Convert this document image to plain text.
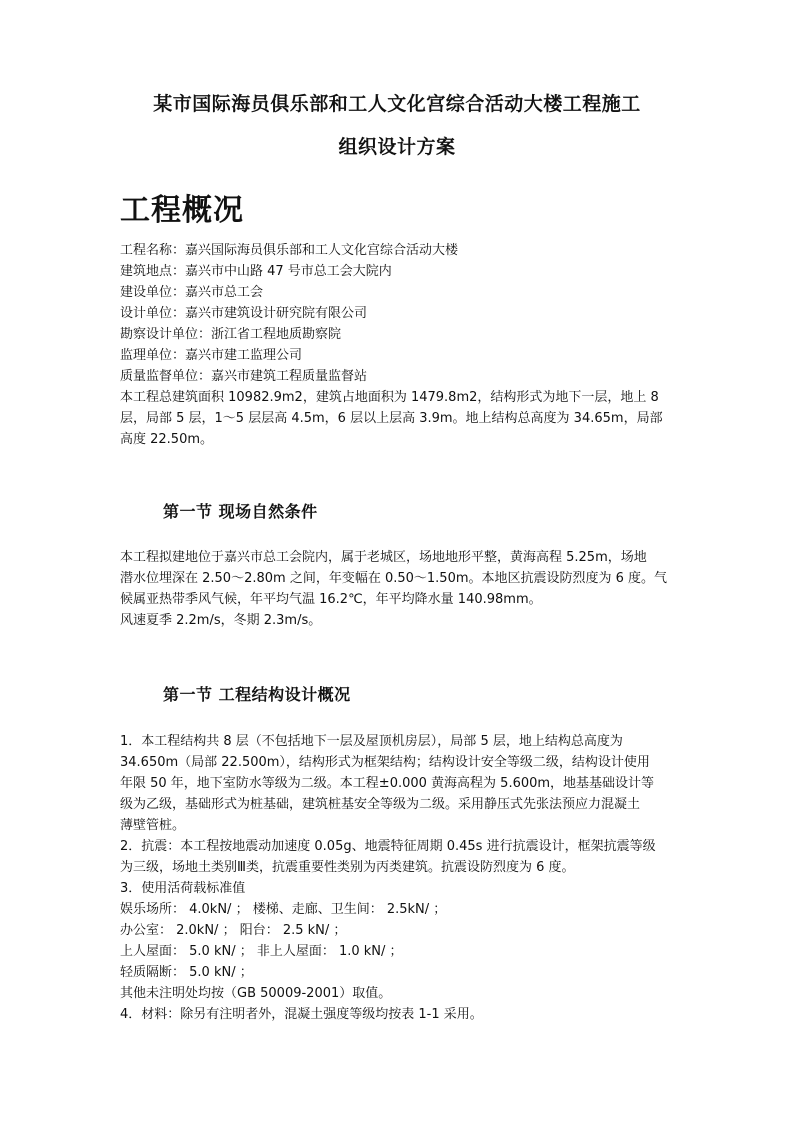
某市国际海员俱乐部和工人文化宫综合活动大楼工程施工
组织设计方案
工程概况
工程名称：嘉兴国际海员俱乐部和工人文化宫综合活动大楼
建筑地点：嘉兴市中山路 47 号市总工会大院内
建设单位：嘉兴市总工会
设计单位：嘉兴市建筑设计研究院有限公司
勘察设计单位：浙江省工程地质勘察院
监理单位：嘉兴市建工监理公司
质量监督单位：嘉兴市建筑工程质量监督站
本工程总建筑面积 10982.9m2，建筑占地面积为 1479.8m2，结构形式为地下一层，地上 8
层，局部 5 层，1～5 层层高 4.5m，6 层以上层高 3.9m。地上结构总高度为 34.65m，局部
高度 22.50m。
第一节 现场自然条件
本工程拟建地位于嘉兴市总工会院内，属于老城区，场地地形平整，黄海高程 5.25m，场地
潜水位埋深在 2.50～2.80m 之间，年变幅在 0.50～1.50m。本地区抗震设防烈度为 6 度。气
候属亚热带季风气候，年平均气温 16.2℃，年平均降水量 140.98mm。
风速夏季 2.2m/s，冬期 2.3m/s。
第一节 工程结构设计概况
1．本工程结构共 8 层（不包括地下一层及屋顶机房层），局部 5 层，地上结构总高度为
34.650m（局部 22.500m），结构形式为框架结构；结构设计安全等级二级，结构设计使用
年限 50 年，地下室防水等级为二级。本工程±0.000 黄海高程为 5.600m，地基基础设计等
级为乙级，基础形式为桩基础，建筑桩基安全等级为二级。采用静压式先张法预应力混凝土
薄壁管桩。
2．抗震：本工程按地震动加速度 0.05g、地震特征周期 0.45s 进行抗震设计，框架抗震等级
为三级，场地土类别Ⅲ类，抗震重要性类别为丙类建筑。抗震设防烈度为 6 度。
3．使用活荷载标准值
娱乐场所： 4.0kN/ ； 楼梯、走廊、卫生间： 2.5kN/ ；
办公室： 2.0kN/ ； 阳台： 2.5 kN/ ；
上人屋面： 5.0 kN/ ； 非上人屋面： 1.0 kN/ ；
轻质隔断： 5.0 kN/ ；
其他未注明处均按（GB 50009-2001）取值。
4．材料：除另有注明者外，混凝土强度等级均按表 1-1 采用。
